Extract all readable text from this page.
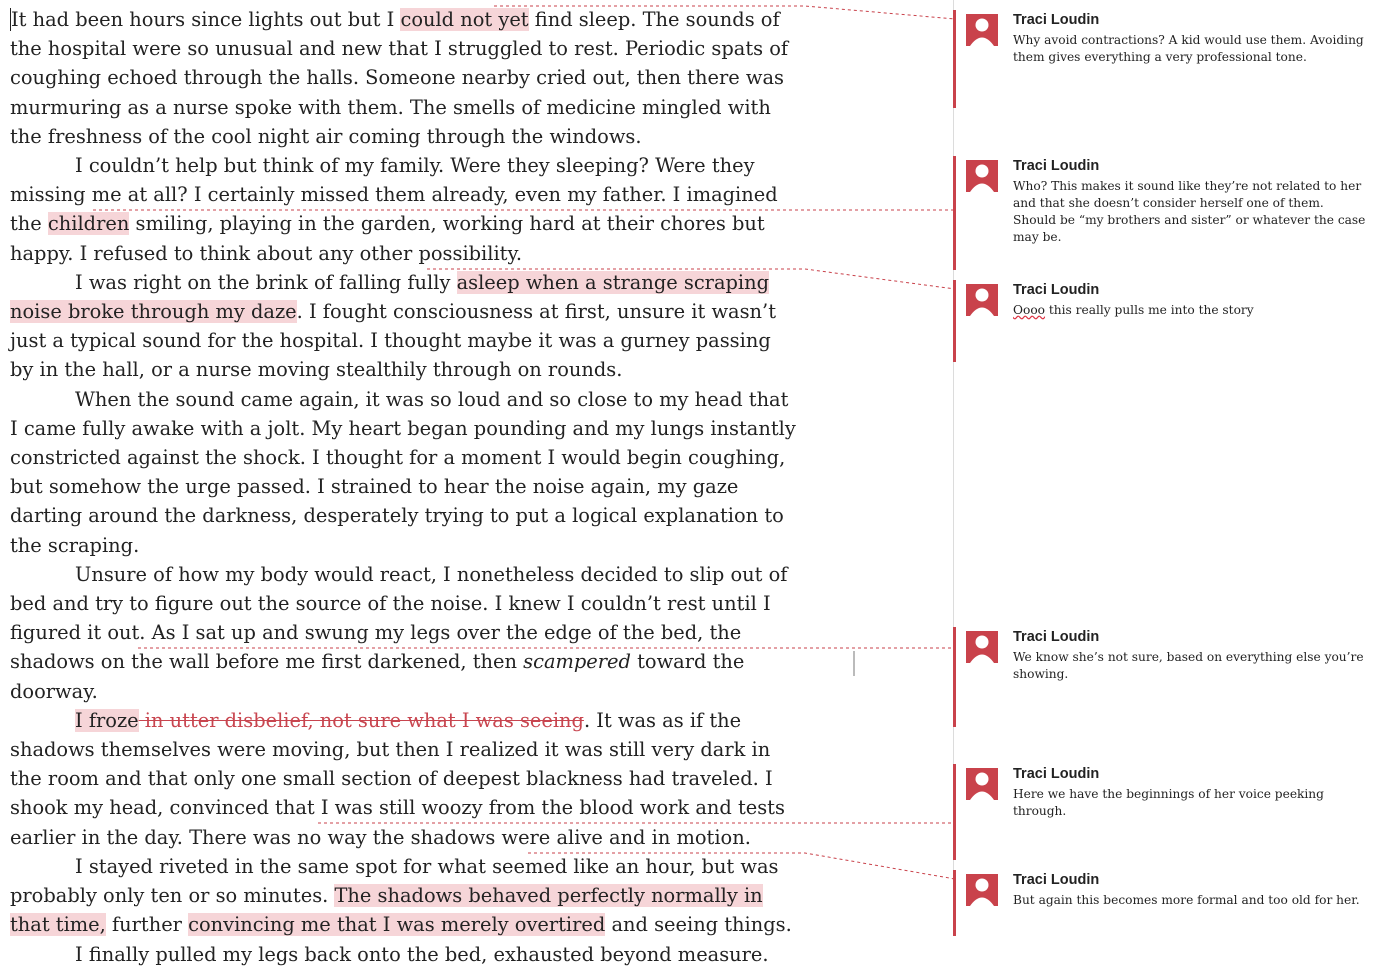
It had been hours since lights out but I could not yet find sleep. The sounds of the hospital were so unusual and new that I struggled to rest. Periodic spats of coughing echoed through the halls. Someone nearby cried out, then there was murmuring as a nurse spoke with them. The smells of medicine mingled with the freshness of the cool night air coming through the windows.

I couldn’t help but think of my family. Were they sleeping? Were they missing me at all? I certainly missed them already, even my father. I imagined the children smiling, playing in the garden, working hard at their chores but happy. I refused to think about any other possibility.

I was right on the brink of falling fully asleep when a strange scraping noise broke through my daze. I fought consciousness at first, unsure it wasn’t just a typical sound for the hospital. I thought maybe it was a gurney passing by in the hall, or a nurse moving stealthily through on rounds.

When the sound came again, it was so loud and so close to my head that I came fully awake with a jolt. My heart began pounding and my lungs instantly constricted against the shock. I thought for a moment I would begin coughing, but somehow the urge passed. I strained to hear the noise again, my gaze darting around the darkness, desperately trying to put a logical explanation to the scraping.

Unsure of how my body would react, I nonetheless decided to slip out of bed and try to figure out the source of the noise. I knew I couldn’t rest until I figured it out. As I sat up and swung my legs over the edge of the bed, the shadows on the wall before me first darkened, then scampered toward the doorway.

I froze in utter disbelief, not sure what I was seeing. It was as if the shadows themselves were moving, but then I realized it was still very dark in the room and that only one small section of deepest blackness had traveled. I shook my head, convinced that I was still woozy from the blood work and tests earlier in the day. There was no way the shadows were alive and in motion.

I stayed riveted in the same spot for what seemed like an hour, but was probably only ten or so minutes. The shadows behaved perfectly normally in that time, further convincing me that I was merely overtired and seeing things.

I finally pulled my legs back onto the bed, exhausted beyond measure.

Traci Loudin
Why avoid contractions? A kid would use them. Avoiding them gives everything a very professional tone.
Traci Loudin
Who? This makes it sound like they’re not related to her and that she doesn’t consider herself one of them. Should be “my brothers and sister” or whatever the case may be.
Traci Loudin
Oooo this really pulls me into the story
Traci Loudin
We know she’s not sure, based on everything else you’re showing.
Traci Loudin
Here we have the beginnings of her voice peeking through.
Traci Loudin
But again this becomes more formal and too old for her.
